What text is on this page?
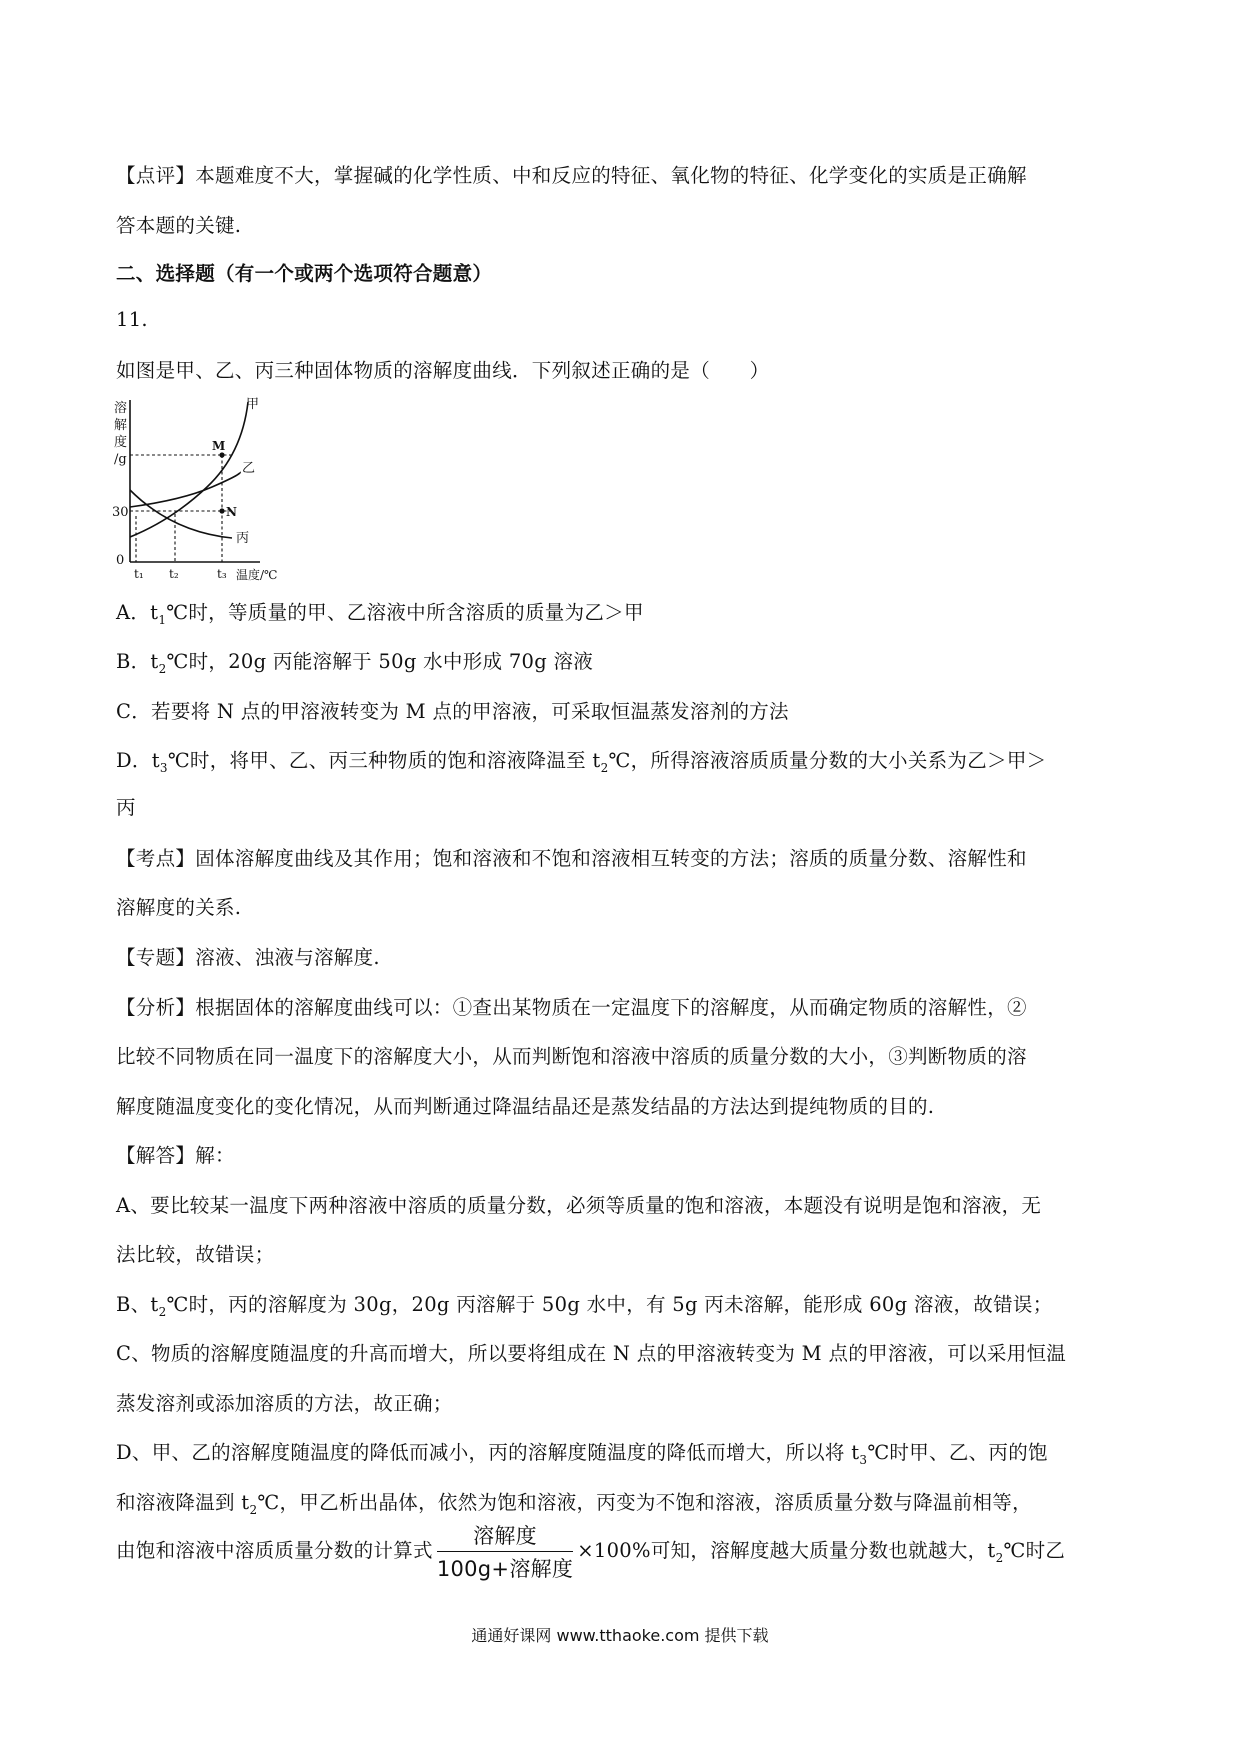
【点评】本题难度不大，掌握碱的化学性质、中和反应的特征、氧化物的特征、化学变化的实质是正确解
答本题的关键.
二、选择题（有一个或两个选项符合题意）
11.
如图是甲、乙、丙三种固体物质的溶解度曲线．下列叙述正确的是（　　）
溶
解
度
/g
30
0
t₁ t₂	t₃ 温度/℃
M
N
甲
乙
丙
A．$t_1℃$时，等质量的甲、乙溶液中所含溶质的质量为乙＞甲
B．$t_2℃$时，20g 丙能溶解于 50g 水中形成 70g 溶液
C．若要将 N 点的甲溶液转变为 M 点的甲溶液，可采取恒温蒸发溶剂的方法
D．$t_3℃$时，将甲、乙、丙三种物质的饱和溶液降温至 $t_2℃$，所得溶液溶质质量分数的大小关系为乙＞甲＞
丙
【考点】固体溶解度曲线及其作用；饱和溶液和不饱和溶液相互转变的方法；溶质的质量分数、溶解性和
溶解度的关系.
【专题】溶液、浊液与溶解度.
【分析】根据固体的溶解度曲线可以：①查出某物质在一定温度下的溶解度，从而确定物质的溶解性，②
比较不同物质在同一温度下的溶解度大小，从而判断饱和溶液中溶质的质量分数的大小，③判断物质的溶
解度随温度变化的变化情况，从而判断通过降温结晶还是蒸发结晶的方法达到提纯物质的目的.
【解答】解：
A、要比较某一温度下两种溶液中溶质的质量分数，必须等质量的饱和溶液，本题没有说明是饱和溶液，无
法比较，故错误；
B、$t_2℃$时，丙的溶解度为 30g，20g 丙溶解于 50g 水中，有 5g 丙未溶解，能形成 60g 溶液，故错误；
C、物质的溶解度随温度的升高而增大，所以要将组成在 N 点的甲溶液转变为 M 点的甲溶液，可以采用恒温
蒸发溶剂或添加溶质的方法，故正确；
D、甲、乙的溶解度随温度的降低而减小，丙的溶解度随温度的降低而增大，所以将 $t_3℃$时甲、乙、丙的饱
和溶液降温到 $t_2℃$，甲乙析出晶体，依然为饱和溶液，丙变为不饱和溶液，溶质质量分数与降温前相等，
由饱和溶液中溶质质量分数的计算式 $\frac{\text{溶解度}}{\text{100g+溶解度}} \times 100\%$可知，溶解度越大质量分数也就越大，$t_2℃$时乙
通通好课网 www.tthaoke.com 提供下载
